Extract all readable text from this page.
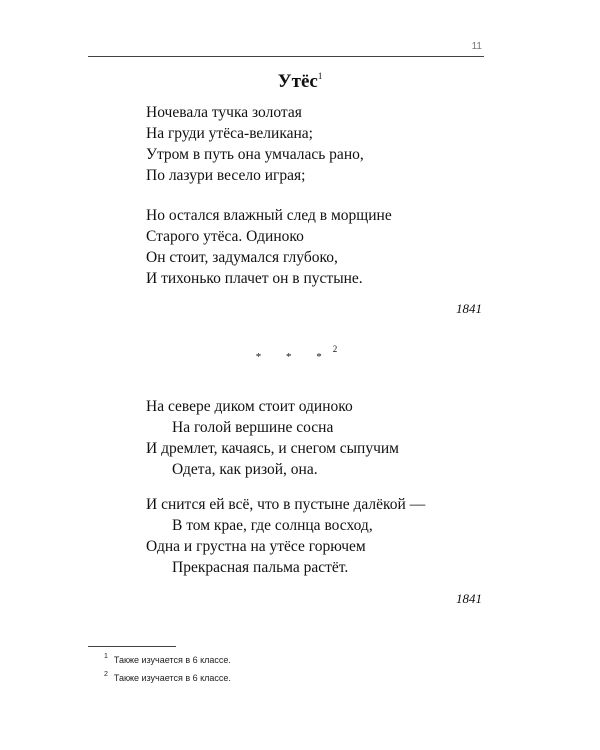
11
Утёс$^1$
Ночевала тучка золотая
На груди утёса-великана;
Утром в путь она умчалась рано,
По лазури весело играя;
Но остался влажный след в морщине
Старого утёса. Одиноко
Он стоит, задумался глубоко,
И тихонько плачет он в пустыне.
1841
* * *$^2$
На севере диком стоит одиноко
На голой вершине сосна
И дремлет, качаясь, и снегом сыпучим
Одета, как ризой, она.
И снится ей всё, что в пустыне далёкой —
В том крае, где солнца восход,
Одна и грустна на утёсе горючем
Прекрасная пальма растёт.
1841
$^1$ Также изучается в 6 классе.
$^2$ Также изучается в 6 классе.
